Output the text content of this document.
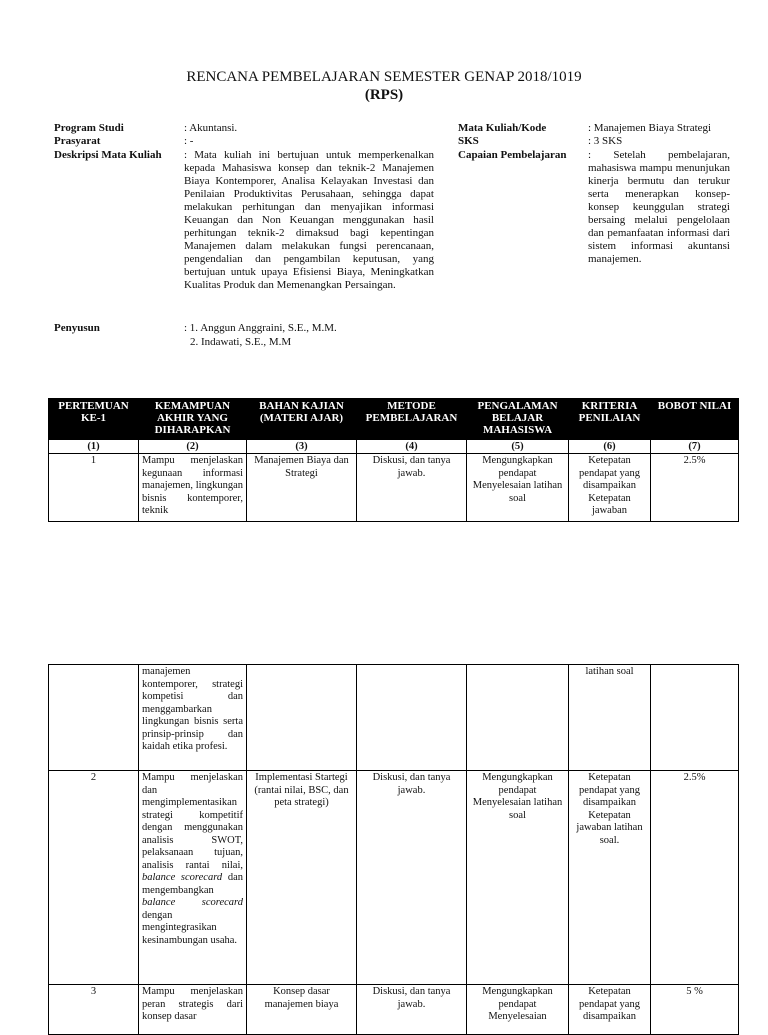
RENCANA PEMBELAJARAN SEMESTER GENAP 2018/1019
(RPS)
Program Studi	: Akuntansi.
Prasyarat	: -
Deskripsi Mata Kuliah : Mata kuliah ini bertujuan untuk memperkenalkan kepada Mahasiswa konsep dan teknik-2 Manajemen Biaya Kontemporer, Analisa Kelayakan Investasi dan Penilaian Produktivitas Perusahaan, sehingga dapat melakukan perhitungan dan menyajikan informasi Keuangan dan Non Keuangan menggunakan hasil perhitungan teknik-2 dimaksud bagi kepentingan Manajemen dalam melakukan fungsi perencanaan, pengendalian dan pengambilan keputusan, yang bertujuan untuk upaya Efisiensi Biaya, Meningkatkan Kualitas Produk dan Memenangkan Persaingan.
Penyusun	: 1. Anggun Anggraini, S.E., M.M.
2. Indawati, S.E., M.M
Mata Kuliah/Kode	: Manajemen Biaya Strategi
SKS	: 3 SKS
Capaian Pembelajaran : Setelah pembelajaran, mahasiswa mampu menunjukan kinerja bermutu dan terukur serta menerapkan konsep-konsep keunggulan strategi bersaing melalui pengelolaan dan pemanfaatan informasi dari sistem informasi akuntansi manajemen.
PERTEMUAN KE-1	KEMAMPUAN AKHIR YANG DIHARAPKAN	BAHAN KAJIAN (MATERI AJAR)	METODE PEMBELAJARAN	PENGALAMAN BELAJAR MAHASISWA	KRITERIA PENILAIAN	BOBOT NILAI
(1)	(2)	(3)	(4)	(5)	(6)	(7)
1	Mampu menjelaskan kegunaan informasi manajemen, lingkungan bisnis kontemporer, teknik	Manajemen Biaya dan Strategi	Diskusi, dan tanya jawab.	Mengungkapkan pendapat Menyelesaian latihan soal	Ketepatan pendapat yang disampaikan Ketepatan jawaban	2.5%
	manajemen kontemporer, strategi kompetisi dan menggambarkan lingkungan bisnis serta prinsip-prinsip dan kaidah etika profesi.				latihan soal	
2	Mampu menjelaskan dan mengimplementasikan strategi kompetitif dengan menggunakan analisis SWOT, pelaksanaan tujuan, analisis rantai nilai, balance scorecard dan mengembangkan balance scorecard dengan mengintegrasikan kesinambungan usaha.	Implementasi Startegi (rantai nilai, BSC, dan peta strategi)	Diskusi, dan tanya jawab.	Mengungkapkan pendapat Menyelesaian latihan soal	Ketepatan pendapat yang disampaikan Ketepatan jawaban latihan soal.	2.5%
3	Mampu menjelaskan peran strategis dari konsep dasar	Konsep dasar manajemen biaya	Diskusi, dan tanya jawab.	Mengungkapkan pendapat Menyelesaian	Ketepatan pendapat yang disampaikan	5 %
